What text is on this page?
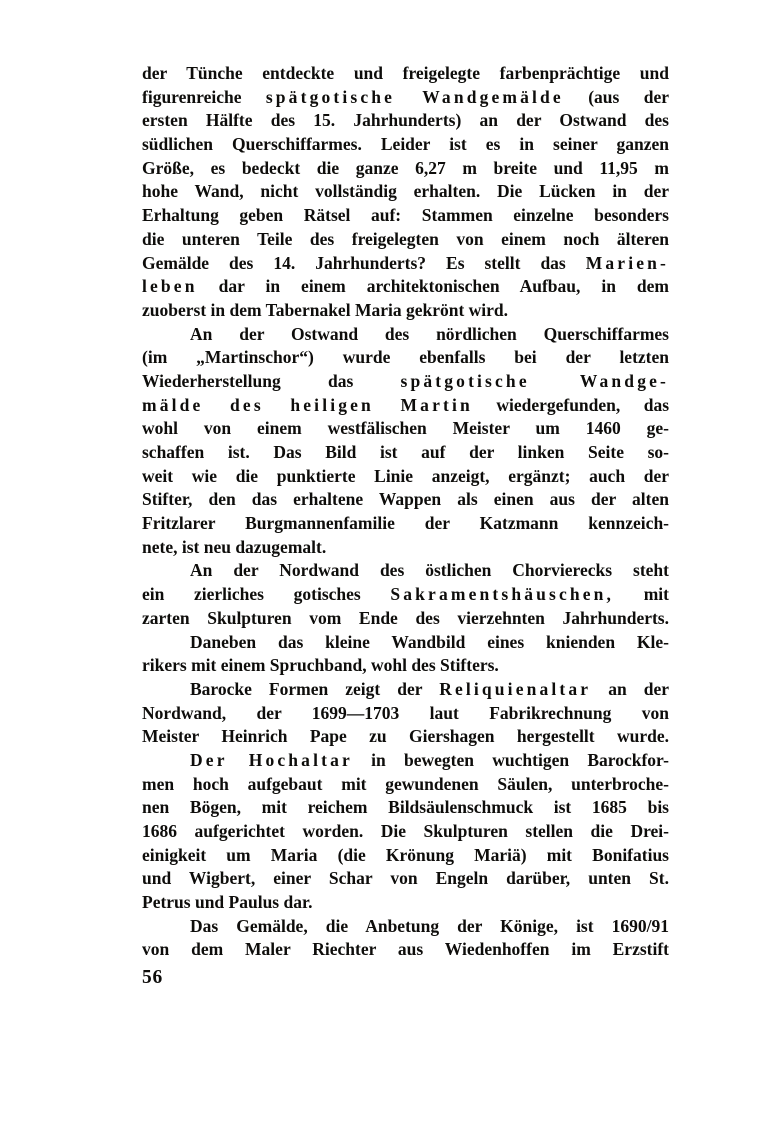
der Tünche entdeckte und freigelegte farbenprächtige und
figurenreiche spätgotische Wandgemälde (aus der
ersten Hälfte des 15. Jahrhunderts) an der Ostwand des
südlichen Querschiffarmes. Leider ist es in seiner ganzen
Größe, es bedeckt die ganze 6,27 m breite und 11,95 m
hohe Wand, nicht vollständig erhalten. Die Lücken in der
Erhaltung geben Rätsel auf: Stammen einzelne besonders
die unteren Teile des freigelegten von einem noch älteren
Gemälde des 14. Jahrhunderts? Es stellt das Marien-
leben dar in einem architektonischen Aufbau, in dem
zuoberst in dem Tabernakel Maria gekrönt wird.
An der Ostwand des nördlichen Querschiffarmes
(im „Martinschor“) wurde ebenfalls bei der letzten
Wiederherstellung das spätgotische Wandge-
mälde des heiligen Martin wiedergefunden, das
wohl von einem westfälischen Meister um 1460 ge-
schaffen ist. Das Bild ist auf der linken Seite so-
weit wie die punktierte Linie anzeigt, ergänzt; auch der
Stifter, den das erhaltene Wappen als einen aus der alten
Fritzlarer Burgmannenfamilie der Katzmann kennzeich-
nete, ist neu dazugemalt.
An der Nordwand des östlichen Chorvierecks steht
ein zierliches gotisches Sakramentshäuschen, mit
zarten Skulpturen vom Ende des vierzehnten Jahrhunderts.
Daneben das kleine Wandbild eines knienden Kle-
rikers mit einem Spruchband, wohl des Stifters.
Barocke Formen zeigt der Reliquienaltar an der
Nordwand, der 1699—1703 laut Fabrikrechnung von
Meister Heinrich Pape zu Giershagen hergestellt wurde.
Der Hochaltar in bewegten wuchtigen Barockfor-
men hoch aufgebaut mit gewundenen Säulen, unterbroche-
nen Bögen, mit reichem Bildsäulenschmuck ist 1685 bis
1686 aufgerichtet worden. Die Skulpturen stellen die Drei-
einigkeit um Maria (die Krönung Mariä) mit Bonifatius
und Wigbert, einer Schar von Engeln darüber, unten St.
Petrus und Paulus dar.
Das Gemälde, die Anbetung der Könige, ist 1690/91
von dem Maler Riechter aus Wiedenhoffen im Erzstift
56
